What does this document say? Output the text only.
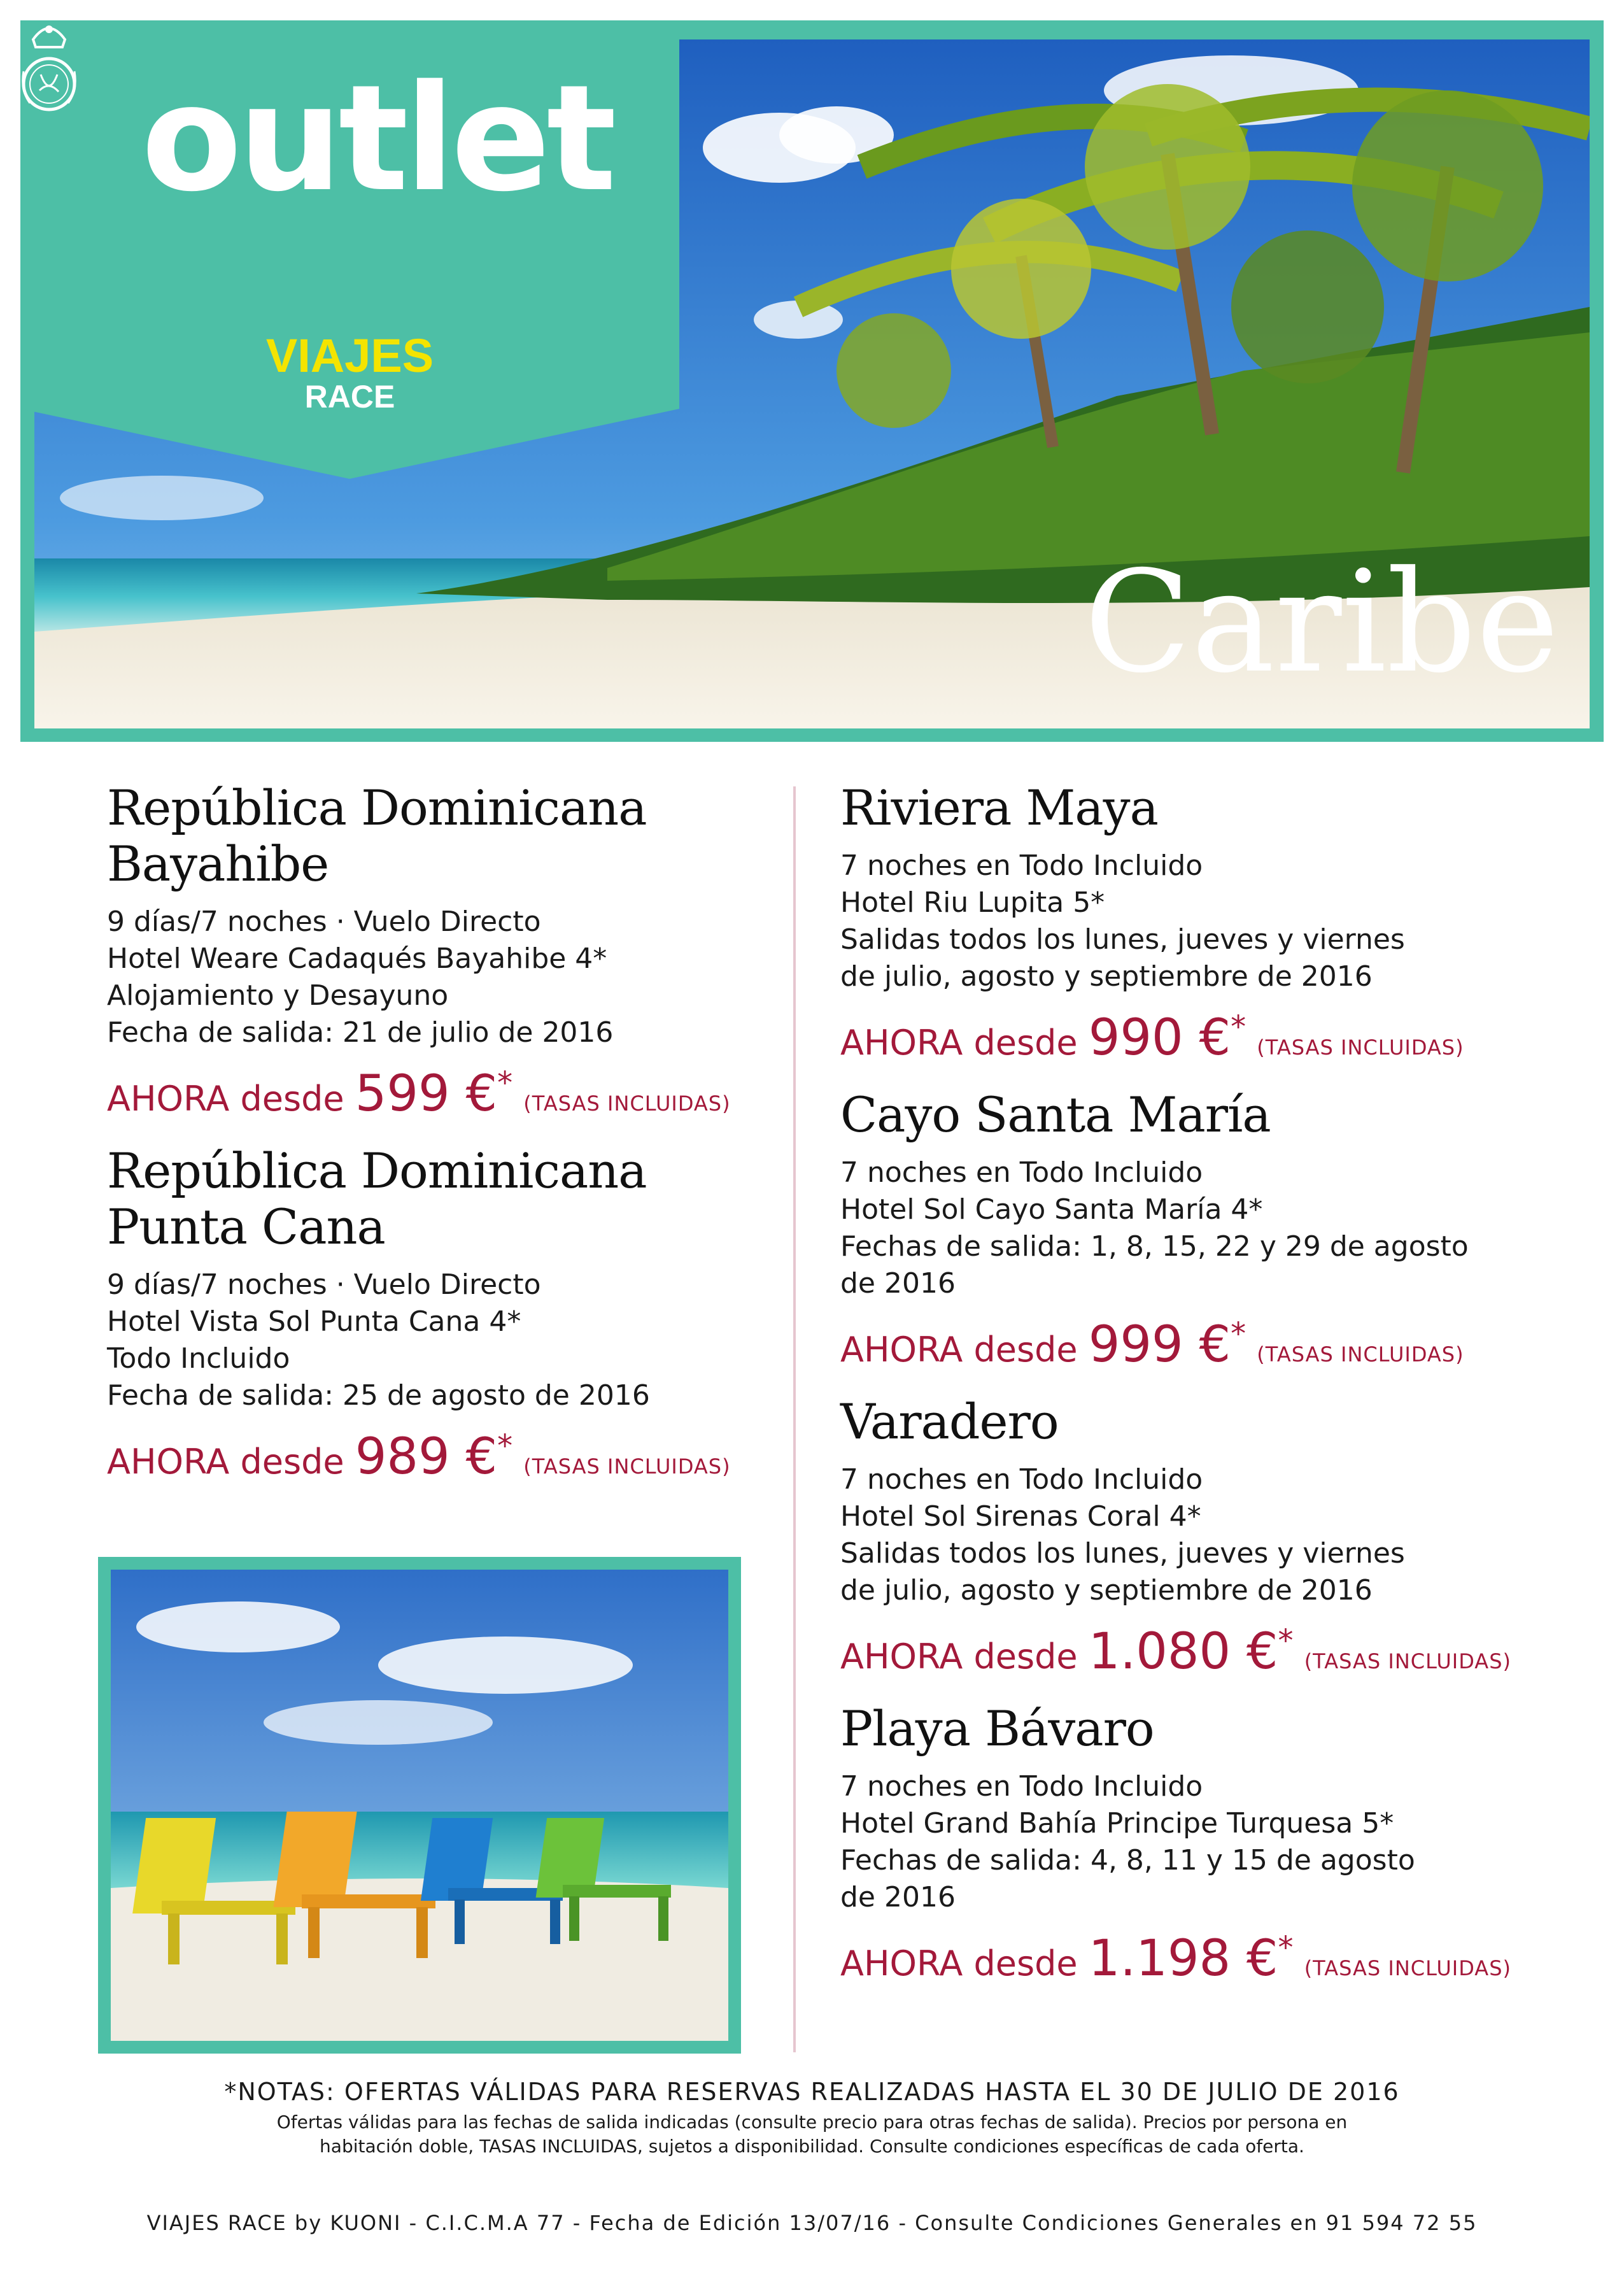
outlet
VIAJES
RACE
Caribe
República Dominicana
Bayahibe
9 días/7 noches · Vuelo Directo
Hotel Weare Cadaqués Bayahibe 4*
Alojamiento y Desayuno
Fecha de salida: 21 de julio de 2016
AHORA desde 599 €* (TASAS INCLUIDAS)
República Dominicana
Punta Cana
9 días/7 noches · Vuelo Directo
Hotel Vista Sol Punta Cana 4*
Todo Incluido
Fecha de salida: 25 de agosto de 2016
AHORA desde 989 €* (TASAS INCLUIDAS)
Riviera Maya
7 noches en Todo Incluido
Hotel Riu Lupita 5*
Salidas todos los lunes, jueves y viernes
de julio, agosto y septiembre de 2016
AHORA desde 990 €* (TASAS INCLUIDAS)
Cayo Santa María
7 noches en Todo Incluido
Hotel Sol Cayo Santa María 4*
Fechas de salida: 1, 8, 15, 22 y 29 de agosto
de 2016
AHORA desde 999 €* (TASAS INCLUIDAS)
Varadero
7 noches en Todo Incluido
Hotel Sol Sirenas Coral 4*
Salidas todos los lunes, jueves y viernes
de julio, agosto y septiembre de 2016
AHORA desde 1.080 €* (TASAS INCLUIDAS)
Playa Bávaro
7 noches en Todo Incluido
Hotel Grand Bahía Principe Turquesa 5*
Fechas de salida: 4, 8, 11 y 15 de agosto
de 2016
AHORA desde 1.198 €* (TASAS INCLUIDAS)
*NOTAS: OFERTAS VÁLIDAS PARA RESERVAS REALIZADAS HASTA EL 30 DE JULIO DE 2016
Ofertas válidas para las fechas de salida indicadas (consulte precio para otras fechas de salida). Precios por persona en
habitación doble, TASAS INCLUIDAS, sujetos a disponibilidad. Consulte condiciones específicas de cada oferta.
VIAJES RACE by KUONI - C.I.C.M.A 77 - Fecha de Edición 13/07/16 - Consulte Condiciones Generales en 91 594 72 55
